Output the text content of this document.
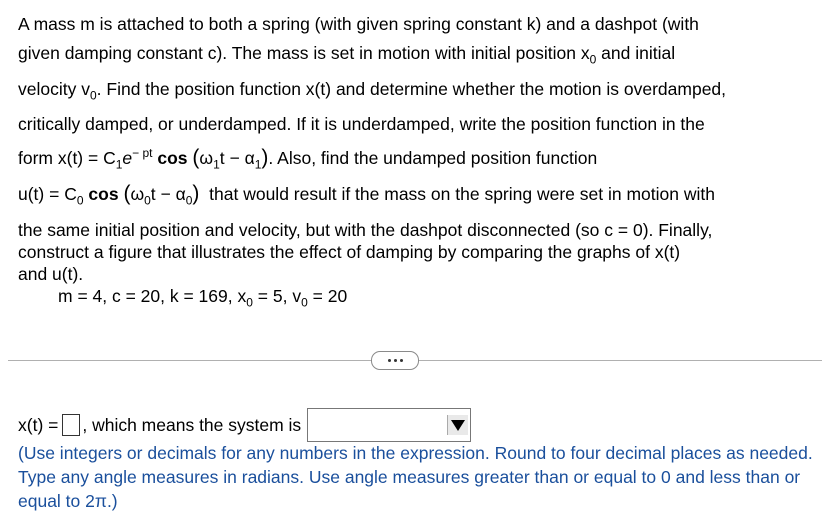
A mass m is attached to both a spring (with given spring constant k) and a dashpot (with

given damping constant c). The mass is set in motion with initial position $x_0$ and initial

velocity $v_0$. Find the position function x(t) and determine whether the motion is overdamped,

critically damped, or underdamped. If it is underdamped, write the position function in the

form $x(t) = C_1e^{- pt}$ $\cos (\omega_1t - \alpha_1)$. Also, find the undamped position function

$u(t) = C_0$ $\cos (\omega_0t - \alpha_0)$ that would result if the mass on the spring were set in motion with

the same initial position and velocity, but with the dashpot disconnected (so c = 0). Finally,

construct a figure that illustrates the effect of damping by comparing the graphs of x(t)

and u(t).

m = 4, c = 20, k = 169, $x_0 = 5$, $v_0 = 20$
x(t) = , which means the system is
(Use integers or decimals for any numbers in the expression. Round to four decimal places as needed. Type any angle measures in radians. Use angle measures greater than or equal to 0 and less than or equal to 2π.)
